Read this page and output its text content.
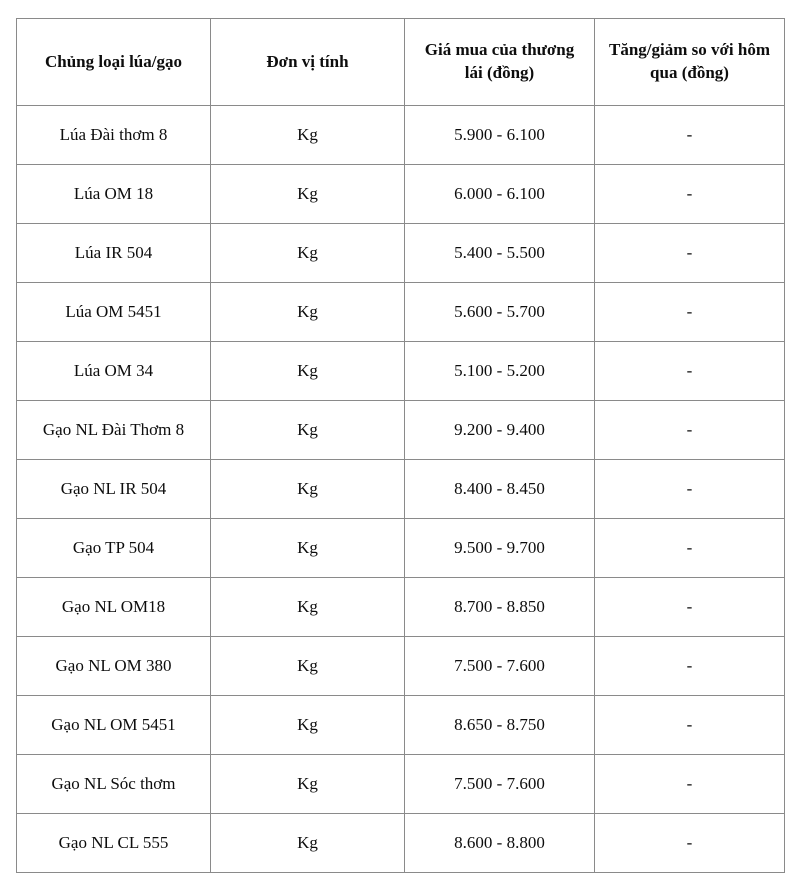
Chủng loại lúa/gạo	Đơn vị tính	Giá mua của thương lái (đồng)	Tăng/giảm so với hôm qua (đồng)
Lúa Đài thơm 8	Kg	5.900 - 6.100	-
Lúa OM 18	Kg	6.000 - 6.100	-
Lúa IR 504	Kg	5.400 - 5.500	-
Lúa OM 5451	Kg	5.600 - 5.700	-
Lúa OM 34	Kg	5.100 - 5.200	-
Gạo NL Đài Thơm 8	Kg	9.200 - 9.400	-
Gạo NL IR 504	Kg	8.400 - 8.450	-
Gạo TP 504	Kg	9.500 - 9.700	-
Gạo NL OM18	Kg	8.700 - 8.850	-
Gạo NL OM 380	Kg	7.500 - 7.600	-
Gạo NL OM 5451	Kg	8.650 - 8.750	-
Gạo NL Sóc thơm	Kg	7.500 - 7.600	-
Gạo NL CL 555	Kg	8.600 - 8.800	-
